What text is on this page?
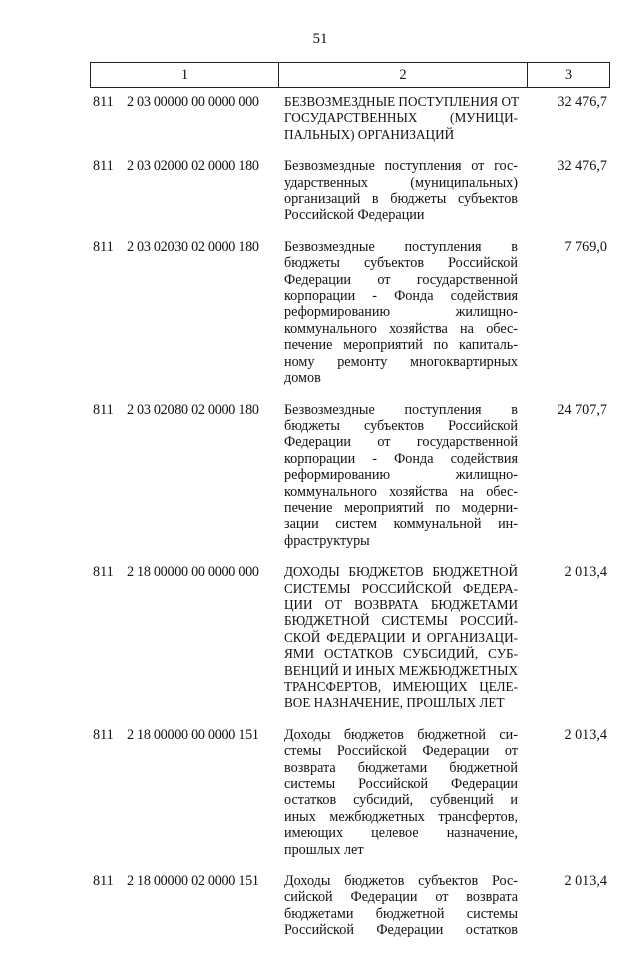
51
1	2	3
811 2 03 00000 00 0000 000	БЕЗВОЗМЕЗДНЫЕ ПОСТУПЛЕНИЯ ОТ
ГОСУДАРСТВЕННЫХ (МУНИЦИ-
ПАЛЬНЫХ) ОРГАНИЗАЦИЙ
32 476,7
811 2 03 02000 02 0000 180	Безвозмездные поступления от гос-
ударственных (муниципальных)
организаций в бюджеты субъектов
Российской Федерации
32 476,7
811 2 03 02030 02 0000 180	Безвозмездные поступления в
бюджеты субъектов Российской
Федерации от государственной
корпорации - Фонда содействия
реформированию жилищно-
коммунального хозяйства на обес-
печение мероприятий по капиталь-
ному ремонту многоквартирных
домов
7 769,0
811 2 03 02080 02 0000 180	Безвозмездные поступления в
бюджеты субъектов Российской
Федерации от государственной
корпорации - Фонда содействия
реформированию жилищно-
коммунального хозяйства на обес-
печение мероприятий по модерни-
зации систем коммунальной ин-
фраструктуры
24 707,7
811 2 18 00000 00 0000 000	ДОХОДЫ БЮДЖЕТОВ БЮДЖЕТНОЙ
СИСТЕМЫ РОССИЙСКОЙ ФЕДЕРА-
ЦИИ ОТ ВОЗВРАТА БЮДЖЕТАМИ
БЮДЖЕТНОЙ СИСТЕМЫ РОССИЙ-
СКОЙ ФЕДЕРАЦИИ И ОРГАНИЗАЦИ-
ЯМИ ОСТАТКОВ СУБСИДИЙ, СУБ-
ВЕНЦИЙ И ИНЫХ МЕЖБЮДЖЕТНЫХ
ТРАНСФЕРТОВ, ИМЕЮЩИХ ЦЕЛЕ-
ВОЕ НАЗНАЧЕНИЕ, ПРОШЛЫХ ЛЕТ
2 013,4
811 2 18 00000 00 0000 151	Доходы бюджетов бюджетной си-
стемы Российской Федерации от
возврата бюджетами бюджетной
системы Российской Федерации
остатков субсидий, субвенций и
иных межбюджетных трансфертов,
имеющих целевое назначение,
прошлых лет
2 013,4
811 2 18 00000 02 0000 151	Доходы бюджетов субъектов Рос-
сийской Федерации от возврата
бюджетами бюджетной системы
Российской Федерации остатков
2 013,4
